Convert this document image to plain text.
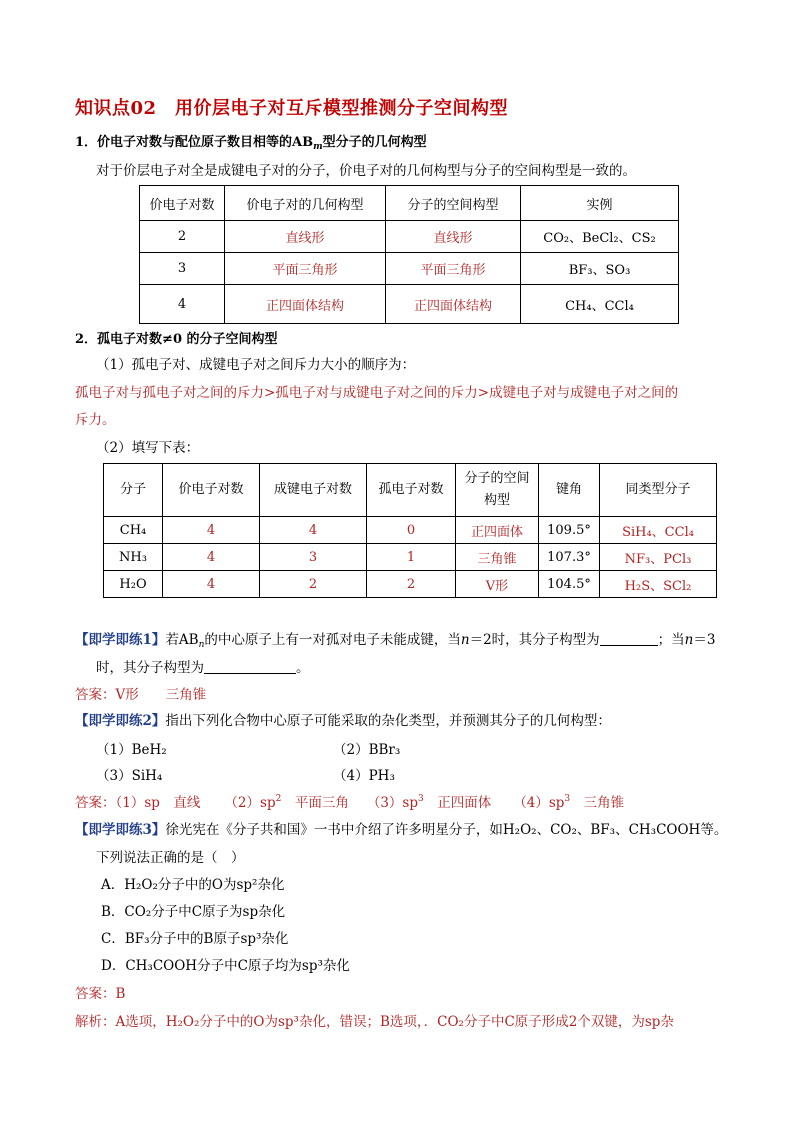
知识点02　用价层电子对互斥模型推测分子空间构型
1．价电子对数与配位原子数目相等的$AB_m$型分子的几何构型
对于价层电子对全是成键电子对的分子，价电子对的几何构型与分子的空间构型是一致的。
价电子对数	价电子对的几何构型	分子的空间构型	实例
2	直线形	直线形	CO₂、BeCl₂、CS₂
3	平面三角形	平面三角形	BF₃、SO₃
4	正四面体结构	正四面体结构	CH₄、CCl₄
2．孤电子对数≠0 的分子空间构型
（1）孤电子对、成键电子对之间斥力大小的顺序为：
孤电子对与孤电子对之间的斥力>孤电子对与成键电子对之间的斥力>成键电子对与成键电子对之间的
斥力。
（2）填写下表：
分子	价电子对数	成键电子对数	孤电子对数	分子的空间构型	键角	同类型分子
CH₄	4	4	0	正四面体	109.5°	SiH₄、CCl₄
NH₃	4	3	1	三角锥	107.3°	NF₃、PCl₃
H₂O	4	2	2	V形	104.5°	H₂S、SCl₂
【即学即练1】若$AB_n$的中心原子上有一对孤对电子未能成键，当n＝2时，其分子构型为	；当n＝3
时，其分子构型为	。
答案：V形　　三角锥
【即学即练2】指出下列化合物中心原子可能采取的杂化类型，并预测其分子的几何构型：
（1）BeH₂	（2）BBr₃
（3）SiH₄	（4）PH₃
答案：（1）sp　直线 $(2)sp^2$　平面三角 $(3)sp^3$　正四面体 $(4)sp^3$　三角锥
【即学即练3】徐光宪在《分子共和国》一书中介绍了许多明星分子，如H₂O₂、CO₂、BF₃、CH₃COOH等。
下列说法正确的是（　）
A．H₂O₂分子中的O为sp²杂化
B．CO₂分子中C原子为sp杂化
C．BF₃分子中的B原子sp³杂化
D．CH₃COOH分子中C原子均为sp³杂化
答案：B
解析：A选项，H₂O₂分子中的O为sp³杂化，错误；B选项，．CO₂分子中C原子形成2个双键，为sp杂
